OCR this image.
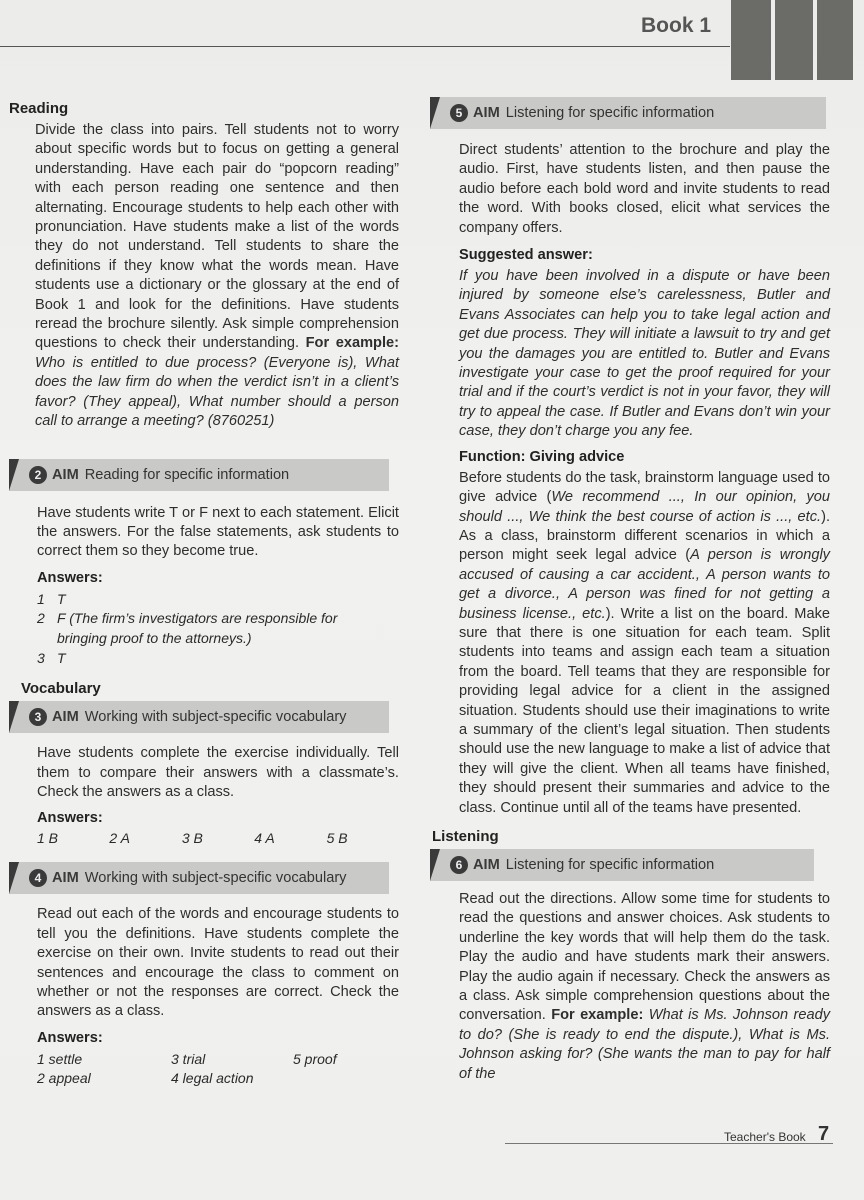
Book 1
Reading

Divide the class into pairs. Tell students not to worry about specific words but to focus on getting a general understanding. Have each pair do “popcorn reading” with each person reading one sentence and then alternating. Encourage students to help each other with pronunciation. Have students make a list of the words they do not understand. Tell students to share the definitions if they know what the words mean. Have students use a dictionary or the glossary at the end of Book 1 and look for the definitions. Have students reread the brochure silently. Ask simple comprehension questions to check their understanding. For example: Who is entitled to due process? (Everyone is), What does the law firm do when the verdict isn’t in a client’s favor? (They appeal), What number should a person call to arrange a meeting? (8760251)

2 AIM Reading for specific information

Have students write T or F next to each statement. Elicit the answers. For the false statements, ask students to correct them so they become true.

Answers:
1 T
2 F (The firm’s investigators are responsible for bringing proof to the attorneys.)
3 T
Vocabulary
3 AIM Working with subject-specific vocabulary

Have students complete the exercise individually. Tell them to compare their answers with a classmate’s. Check the answers as a class.

Answers:
1 B	2 A	3 B	4 A	5 B
4 AIM Working with subject-specific vocabulary

Read out each of the words and encourage students to tell you the definitions. Have students complete the exercise on their own. Invite students to read out their sentences and encourage the class to comment on whether or not the responses are correct. Check the answers as a class.

Answers:
1 settle	3 trial	5 proof
2 appeal	4 legal action
5 AIM Listening for specific information

Direct students’ attention to the brochure and play the audio. First, have students listen, and then pause the audio before each bold word and invite students to read the word. With books closed, elicit what services the company offers.

Suggested answer:

If you have been involved in a dispute or have been injured by someone else’s carelessness, Butler and Evans Associates can help you to take legal action and get due process. They will initiate a lawsuit to try and get you the damages you are entitled to. Butler and Evans investigate your case to get the proof required for your trial and if the court’s verdict is not in your favor, they will try to appeal the case. If Butler and Evans don’t win your case, they don’t charge you any fee.

Function: Giving advice

Before students do the task, brainstorm language used to give advice (We recommend ..., In our opinion, you should ..., We think the best course of action is ..., etc.). As a class, brainstorm different scenarios in which a person might seek legal advice (A person is wrongly accused of causing a car accident., A person wants to get a divorce., A person was fined for not getting a business license., etc.). Write a list on the board. Make sure that there is one situation for each team. Split students into teams and assign each team a situation from the board. Tell teams that they are responsible for providing legal advice for a client in the assigned situation. Students should use their imaginations to write a summary of the client’s legal situation. Then students should use the new language to make a list of advice that they will give the client. When all teams have finished, they should present their summaries and advice to the class. Continue until all of the teams have presented.

Listening
6 AIM Listening for specific information

Read out the directions. Allow some time for students to read the questions and answer choices. Ask students to underline the key words that will help them do the task. Play the audio and have students mark their answers. Play the audio again if necessary. Check the answers as a class. Ask simple comprehension questions about the conversation. For example: What is Ms. Johnson ready to do? (She is ready to end the dispute.), What is Ms. Johnson asking for? (She wants the man to pay for half of the

Teacher's Book 7
